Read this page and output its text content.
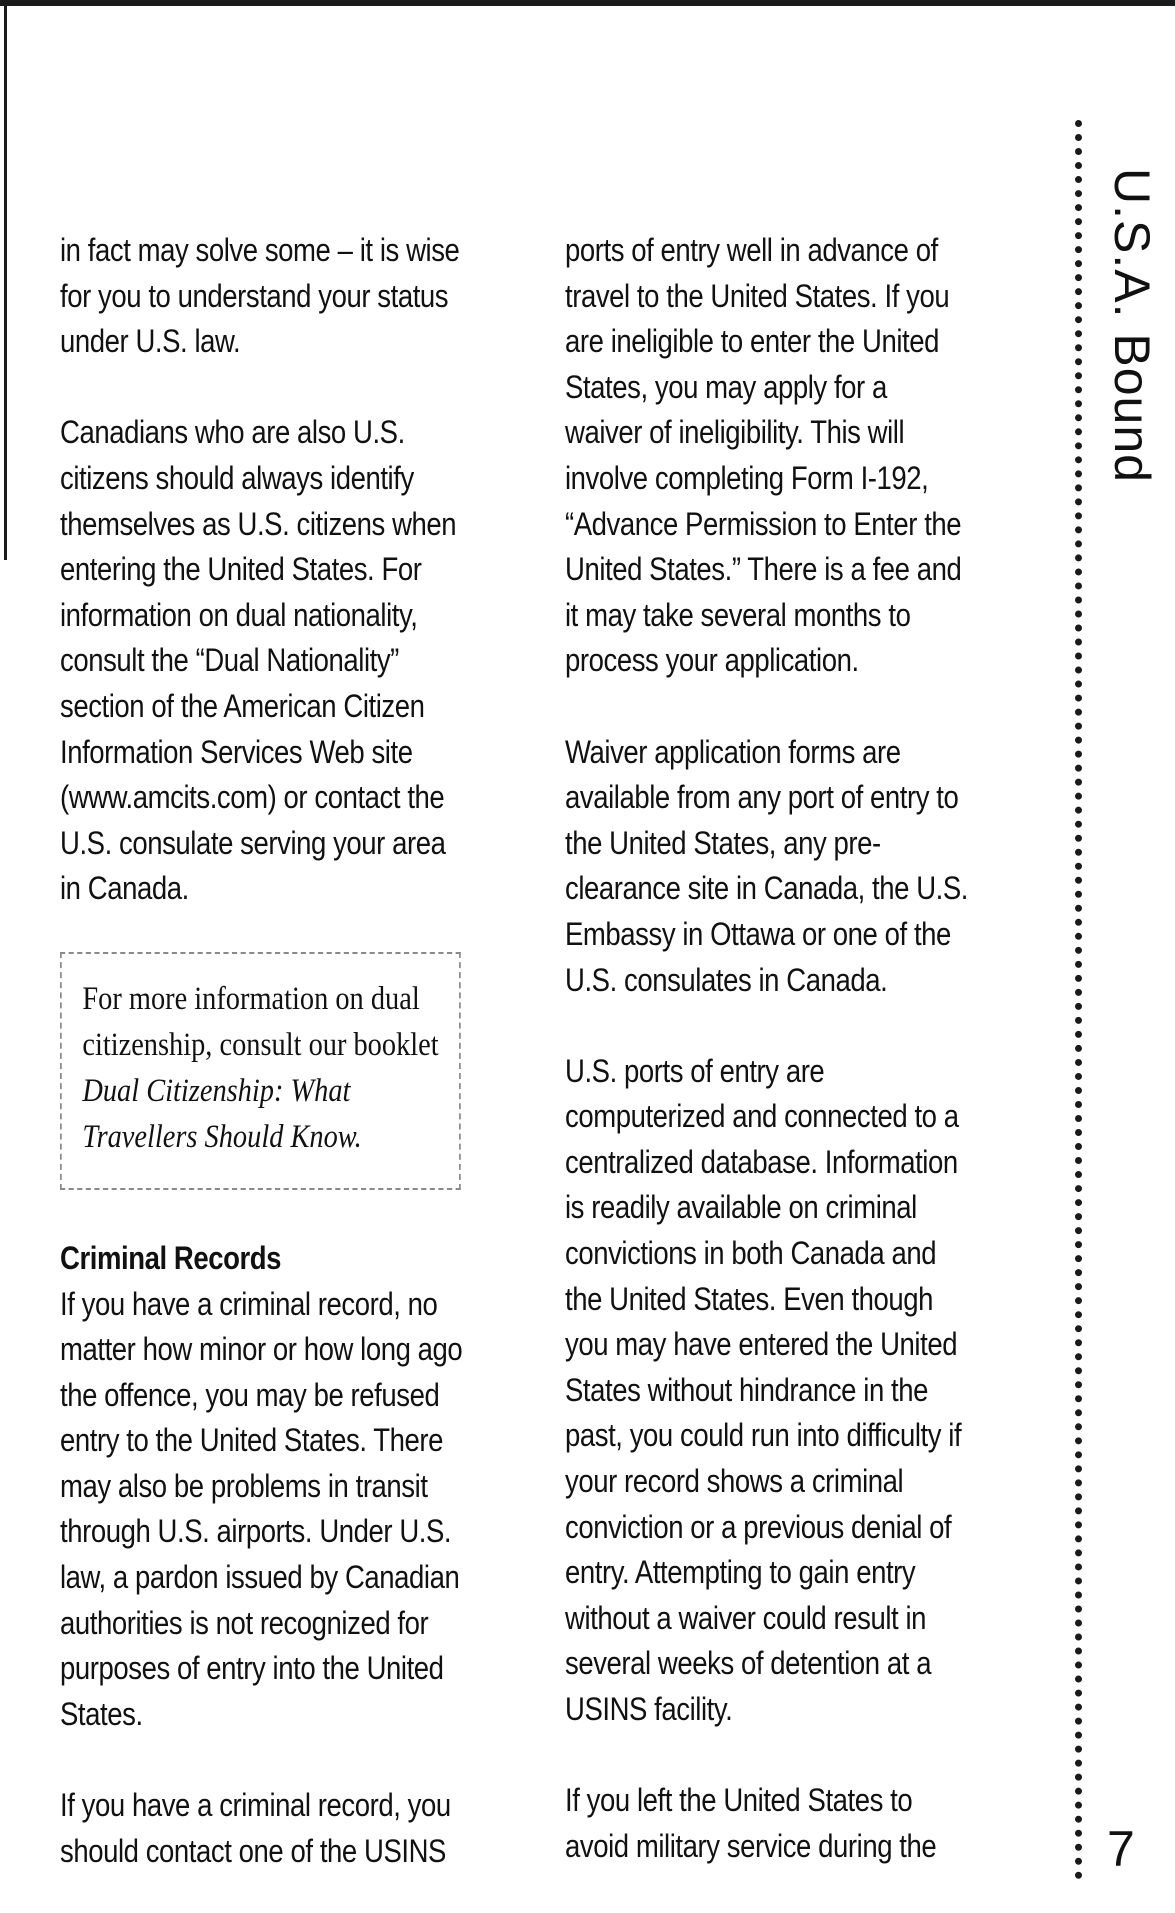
in fact may solve some – it is wise for you to understand your status under U.S. law.

Canadians who are also U.S. citizens should always identify themselves as U.S. citizens when entering the United States. For information on dual nationality, consult the “Dual Nationality” section of the American Citizen Information Services Web site (www.amcits.com) or contact the U.S. consulate serving your area in Canada.

For more information on dual citizenship, consult our booklet Dual Citizenship: What Travellers Should Know.

Criminal Records

If you have a criminal record, no matter how minor or how long ago the offence, you may be refused entry to the United States. There may also be problems in transit through U.S. airports. Under U.S. law, a pardon issued by Canadian authorities is not recognized for purposes of entry into the United States.

If you have a criminal record, you should contact one of the USINS

ports of entry well in advance of travel to the United States. If you are ineligible to enter the United States, you may apply for a waiver of ineligibility. This will involve completing Form I-192, “Advance Permission to Enter the United States.” There is a fee and it may take several months to process your application.

Waiver application forms are available from any port of entry to the United States, any pre-clearance site in Canada, the U.S. Embassy in Ottawa or one of the U.S. consulates in Canada.

U.S. ports of entry are computerized and connected to a centralized database. Information is readily available on criminal convictions in both Canada and the United States. Even though you may have entered the United States without hindrance in the past, you could run into difficulty if your record shows a criminal conviction or a previous denial of entry. Attempting to gain entry without a waiver could result in several weeks of detention at a USINS facility.

If you left the United States to avoid military service during the

U.S.A. Bound
7
